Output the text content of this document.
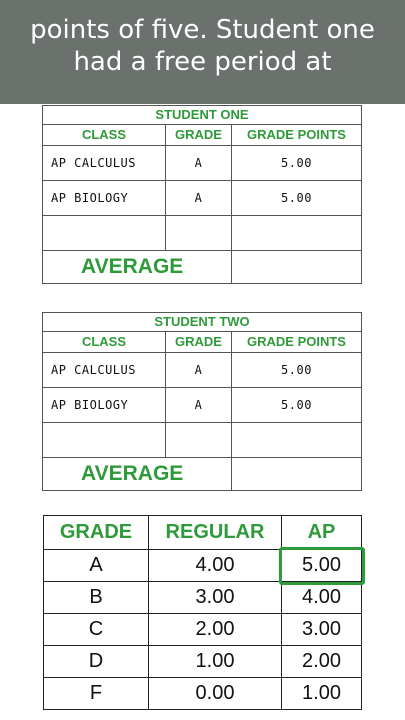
points of five. Student one
had a free period at
STUDENT ONE		
CLASS	GRADE	GRADE POINTS
AP CALCULUS	A	5.00
AP BIOLOGY	A	5.00

AVERAGE		
STUDENT TWO		
CLASS	GRADE	GRADE POINTS
AP CALCULUS	A	5.00
AP BIOLOGY	A	5.00

AVERAGE		
GRADE	REGULAR	AP
A	4.00	5.00

B	3.00	4.00
C	2.00	3.00
D	1.00	2.00
F	0.00	1.00
